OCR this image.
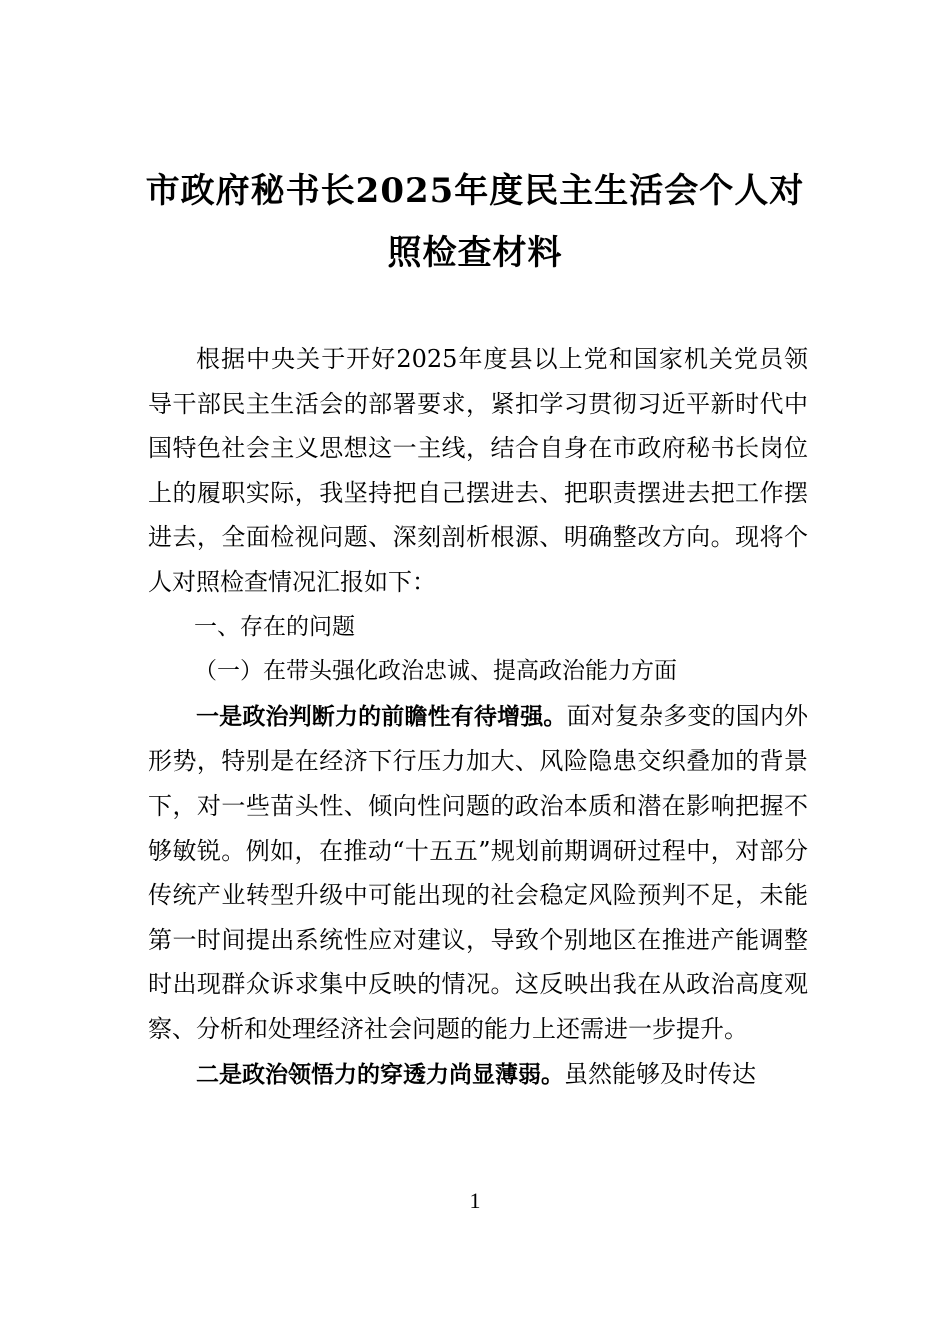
市政府秘书长2025年度民主生活会个人对照检查材料

根据中央关于开好2025年度县以上党和国家机关党员领导干部民主生活会的部署要求，紧扣学习贯彻习近平新时代中国特色社会主义思想这一主线，结合自身在市政府秘书长岗位上的履职实际，我坚持把自己摆进去、把职责摆进去把工作摆进去，全面检视问题、深刻剖析根源、明确整改方向。现将个人对照检查情况汇报如下：

一、存在的问题

（一）在带头强化政治忠诚、提高政治能力方面

一是政治判断力的前瞻性有待增强。面对复杂多变的国内外形势，特别是在经济下行压力加大、风险隐患交织叠加的背景下，对一些苗头性、倾向性问题的政治本质和潜在影响把握不够敏锐。例如，在推动“十五五”规划前期调研过程中，对部分传统产业转型升级中可能出现的社会稳定风险预判不足，未能第一时间提出系统性应对建议，导致个别地区在推进产能调整时出现群众诉求集中反映的情况。这反映出我在从政治高度观察、分析和处理经济社会问题的能力上还需进一步提升。

二是政治领悟力的穿透力尚显薄弱。虽然能够及时传达

1
